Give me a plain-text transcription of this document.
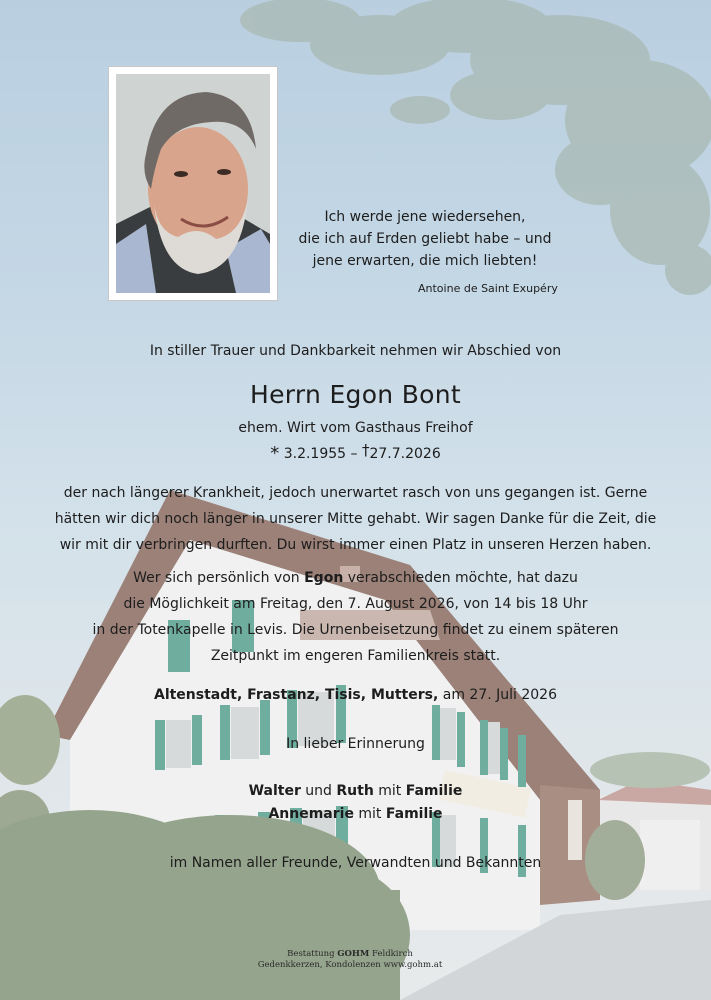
Ich werde jene wiedersehen,
die ich auf Erden geliebt habe – und
jene erwarten, die mich liebten!
Antoine de Saint Exupéry
In stiller Trauer und Dankbarkeit nehmen wir Abschied von
Herrn Egon Bont
ehem. Wirt vom Gasthaus Freihof
* 3.2.1955 – †27.7.2026
der nach längerer Krankheit, jedoch unerwartet rasch von uns gegangen ist. Gerne
hätten wir dich noch länger in unserer Mitte gehabt. Wir sagen Danke für die Zeit, die
wir mit dir verbringen durften. Du wirst immer einen Platz in unseren Herzen haben.
Wer sich persönlich von Egon verabschieden möchte, hat dazu
die Möglichkeit am Freitag, den 7. August 2026, von 14 bis 18 Uhr
in der Totenkapelle in Levis. Die Urnenbeisetzung findet zu einem späteren
Zeitpunkt im engeren Familienkreis statt.
Altenstadt, Frastanz, Tisis, Mutters, am 27. Juli 2026
In lieber Erinnerung
Walter und Ruth mit Familie
Annemarie mit Familie
im Namen aller Freunde, Verwandten und Bekannten
Bestattung GOHM Feldkirch
Gedenkkerzen, Kondolenzen www.gohm.at
